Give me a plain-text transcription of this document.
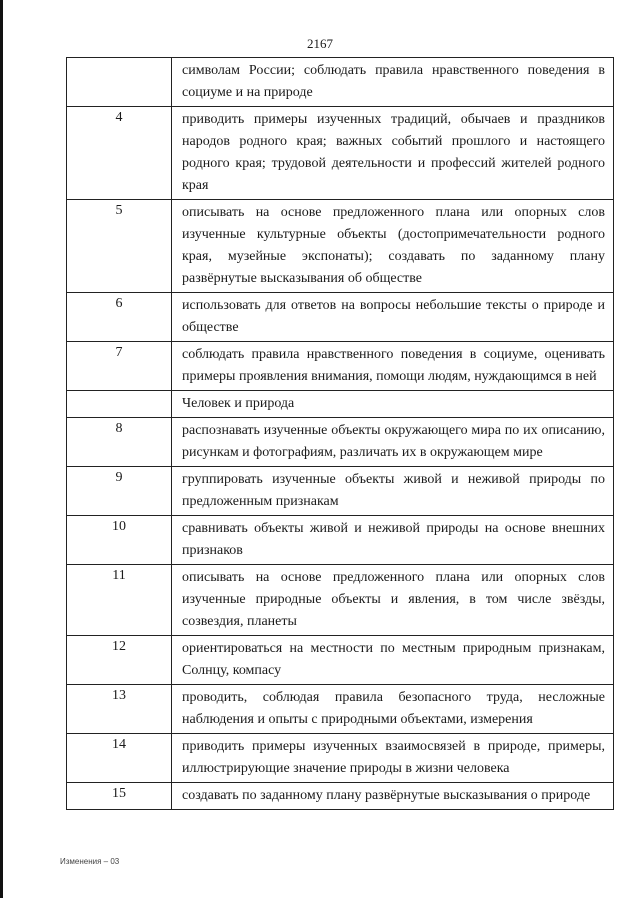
2167
символам России; соблюдать правила нравственного поведения в социуме и на природе
4	приводить примеры изученных традиций, обычаев и праздников народов родного края; важных событий прошлого и настоящего родного края; трудовой деятельности и профессий жителей родного края
5	описывать на основе предложенного плана или опорных слов изученные культурные объекты (достопримечательности родного края, музейные экспонаты); создавать по заданному плану развёрнутые высказывания об обществе
6	использовать для ответов на вопросы небольшие тексты о природе и обществе
7	соблюдать правила нравственного поведения в социуме, оценивать примеры проявления внимания, помощи людям, нуждающимся в ней
Человек и природа
8	распознавать изученные объекты окружающего мира по их описанию, рисункам и фотографиям, различать их в окружающем мире
9	группировать изученные объекты живой и неживой природы по предложенным признакам
10	сравнивать объекты живой и неживой природы на основе внешних признаков
11	описывать на основе предложенного плана или опорных слов изученные природные объекты и явления, в том числе звёзды, созвездия, планеты
12	ориентироваться на местности по местным природным признакам, Солнцу, компасу
13	проводить, соблюдая правила безопасного труда, несложные наблюдения и опыты с природными объектами, измерения
14	приводить примеры изученных взаимосвязей в природе, примеры, иллюстрирующие значение природы в жизни человека
15	создавать по заданному плану развёрнутые высказывания о природе
Изменения – 03
